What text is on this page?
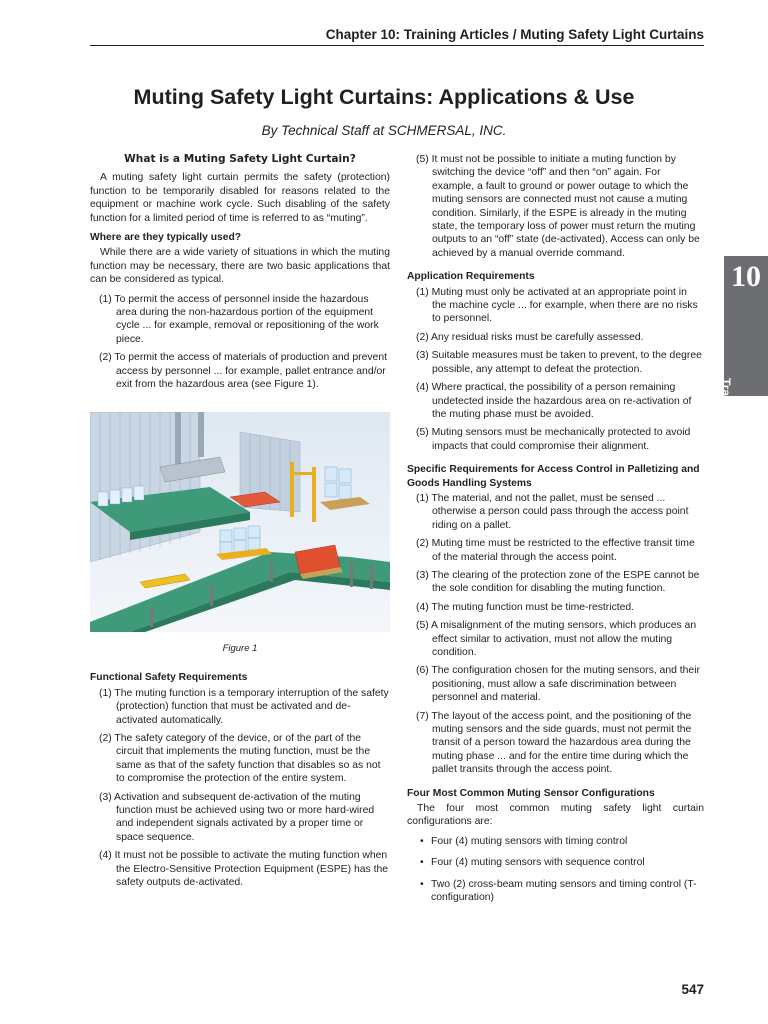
Chapter 10: Training Articles / Muting Safety Light Curtains
Muting Safety Light Curtains: Applications & Use
By Technical Staff at SCHMERSAL, INC.
What is a Muting Safety Light Curtain?

A muting safety light curtain permits the safety (protection) function to be temporarily disabled for reasons related to the equipment or machine work cycle. Such disabling of the safety function for a limited period of time is referred to as “muting”.

Where are they typically used?

While there are a wide variety of situations in which the muting function may be necessary, there are two basic applications that can be considered as typical.

(1) To permit the access of personnel inside the hazardous area during the non-hazardous portion of the equipment cycle ... for example, removal or repositioning of the work piece.
(2) To permit the access of materials of production and prevent access by personnel ... for example, pallet entrance and/or exit from the hazardous area (see Figure 1).
Figure 1
Functional Safety Requirements
(1) The muting function is a temporary interruption of the safety (protection) function that must be activated and de-activated automatically.
(2) The safety category of the device, or of the part of the circuit that implements the muting function, must be the same as that of the safety function that disables so as not to compromise the protection of the entire system.
(3) Activation and subsequent de-activation of the muting function must be achieved using two or more hard-wired and independent signals activated by a proper time or space sequence.
(4) It must not be possible to activate the muting function when the Electro-Sensitive Protection Equipment (ESPE) has the safety outputs de-activated.
(5) It must not be possible to initiate a muting function by switching the device “off” and then “on” again. For example, a fault to ground or power outage to which the muting sensors are connected must not cause a muting condition. Similarly, if the ESPE is already in the muting state, the temporary loss of power must return the muting outputs to an “off” state (de-activated). Access can only be achieved by a manual override command.
Application Requirements
(1) Muting must only be activated at an appropriate point in the machine cycle ... for example, when there are no risks to personnel.
(2) Any residual risks must be carefully assessed.
(3) Suitable measures must be taken to prevent, to the degree possible, any attempt to defeat the protection.
(4) Where practical, the possibility of a person remaining undetected inside the hazardous area on re-activation of the muting phase must be avoided.
(5) Muting sensors must be mechanically protected to avoid impacts that could compromise their alignment.
Specific Requirements for Access Control in Palletizing and Goods Handling Systems
(1) The material, and not the pallet, must be sensed ... otherwise a person could pass through the access point riding on a pallet.
(2) Muting time must be restricted to the effective transit time of the material through the access point.
(3) The clearing of the protection zone of the ESPE cannot be the sole condition for disabling the muting function.
(4) The muting function must be time-restricted.
(5) A misalignment of the muting sensors, which produces an effect similar to activation, must not allow the muting condition.
(6) The configuration chosen for the muting sensors, and their positioning, must allow a safe discrimination between personnel and material.
(7) The layout of the access point, and the positioning of the muting sensors and the side guards, must not permit the transit of a person toward the hazardous area during the muting phase ... and for the entire time during which the pallet transits through the access point.
Four Most Common Muting Sensor Configurations

The four most common muting safety light curtain configurations are:

• Four (4) muting sensors with timing control
• Four (4) muting sensors with sequence control
• Two (2) cross-beam muting sensors and timing control (T- configuration)
10
Training
Articles
547
